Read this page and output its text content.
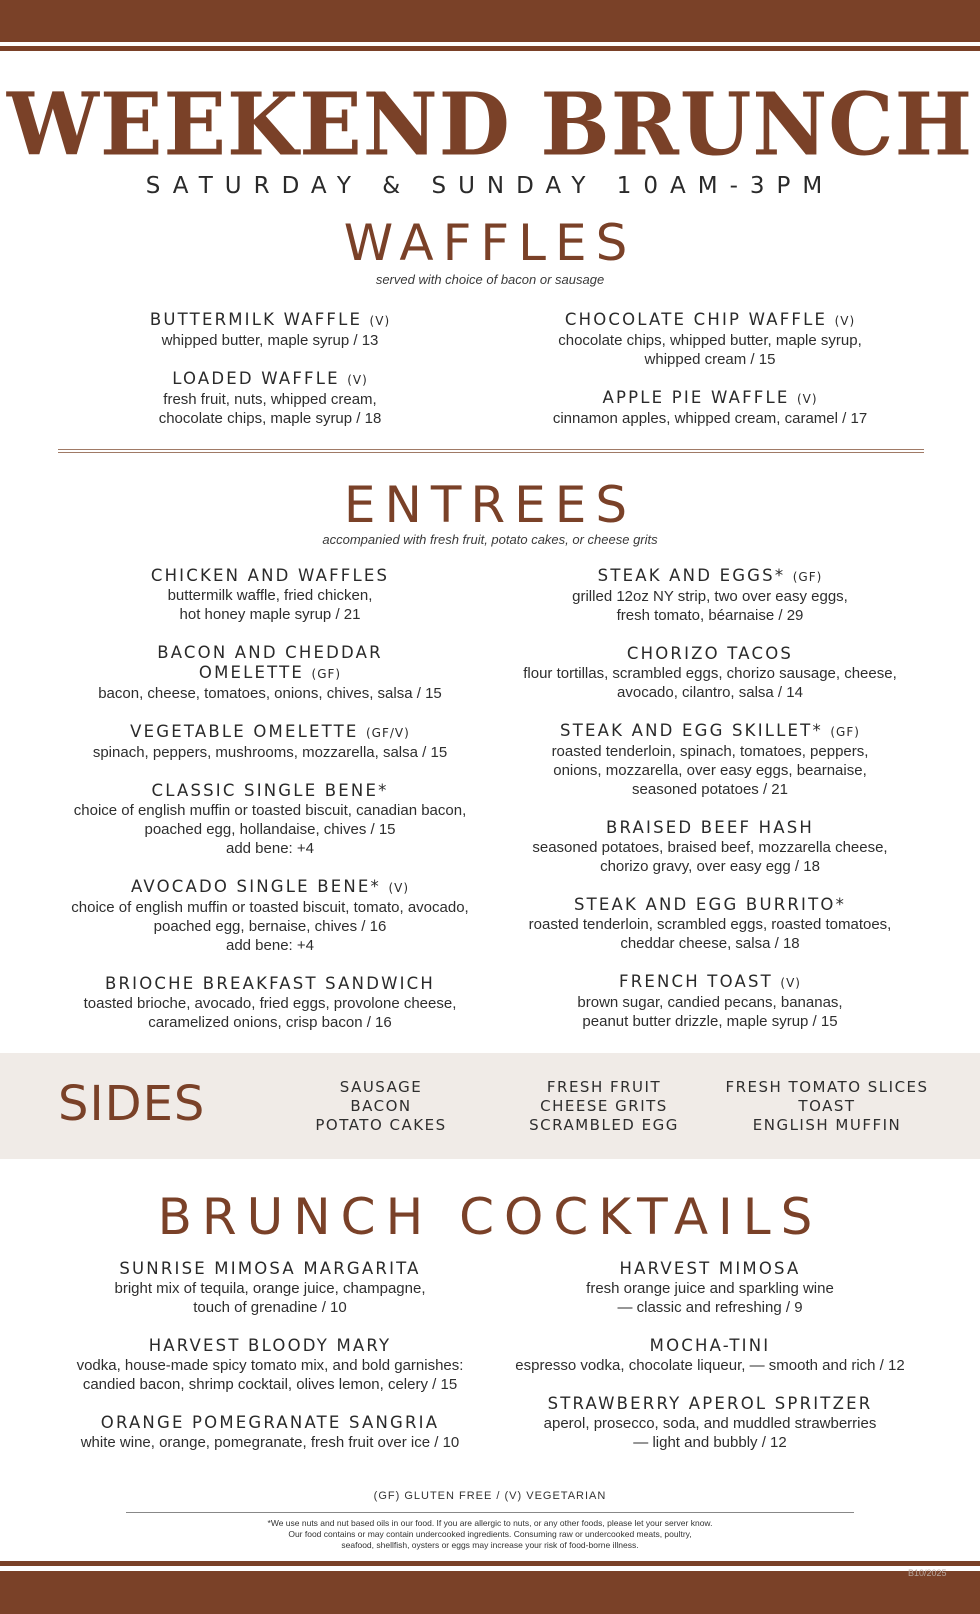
WEEKEND BRUNCH
SATURDAY & SUNDAY 10AM-3PM
WAFFLES
served with choice of bacon or sausage
BUTTERMILK WAFFLE (V)
whipped butter, maple syrup / 13
LOADED WAFFLE (V)
fresh fruit, nuts, whipped cream,
chocolate chips, maple syrup / 18
CHOCOLATE CHIP WAFFLE (V)
chocolate chips, whipped butter, maple syrup,
whipped cream / 15
APPLE PIE WAFFLE (V)
cinnamon apples, whipped cream, caramel / 17
ENTREES
accompanied with fresh fruit, potato cakes, or cheese grits
CHICKEN AND WAFFLES
buttermilk waffle, fried chicken,
hot honey maple syrup / 21
BACON AND CHEDDAR
OMELETTE (GF)
bacon, cheese, tomatoes, onions, chives, salsa / 15
VEGETABLE OMELETTE (GF/V)
spinach, peppers, mushrooms, mozzarella, salsa / 15
CLASSIC SINGLE BENE*
choice of english muffin or toasted biscuit, canadian bacon,
poached egg, hollandaise, chives / 15
add bene: +4
AVOCADO SINGLE BENE* (V)
choice of english muffin or toasted biscuit, tomato, avocado,
poached egg, bernaise, chives / 16
add bene: +4
BRIOCHE BREAKFAST SANDWICH
toasted brioche, avocado, fried eggs, provolone cheese,
caramelized onions, crisp bacon / 16
STEAK AND EGGS* (GF)
grilled 12oz NY strip, two over easy eggs,
fresh tomato, béarnaise / 29
CHORIZO TACOS
flour tortillas, scrambled eggs, chorizo sausage, cheese,
avocado, cilantro, salsa / 14
STEAK AND EGG SKILLET* (GF)
roasted tenderloin, spinach, tomatoes, peppers,
onions, mozzarella, over easy eggs, bearnaise,
seasoned potatoes / 21
BRAISED BEEF HASH
seasoned potatoes, braised beef, mozzarella cheese,
chorizo gravy, over easy egg / 18
STEAK AND EGG BURRITO*
roasted tenderloin, scrambled eggs, roasted tomatoes,
cheddar cheese, salsa / 18
FRENCH TOAST (V)
brown sugar, candied pecans, bananas,
peanut butter drizzle, maple syrup / 15
SIDES	SAUSAGE
BACON
POTATO CAKES
FRESH FRUIT
CHEESE GRITS
SCRAMBLED EGG
FRESH TOMATO SLICES
TOAST
ENGLISH MUFFIN
BRUNCH COCKTAILS
SUNRISE MIMOSA MARGARITA
bright mix of tequila, orange juice, champagne,
touch of grenadine / 10
HARVEST BLOODY MARY
vodka, house-made spicy tomato mix, and bold garnishes:
candied bacon, shrimp cocktail, olives lemon, celery / 15
ORANGE POMEGRANATE SANGRIA
white wine, orange, pomegranate, fresh fruit over ice / 10
HARVEST MIMOSA
fresh orange juice and sparkling wine
— classic and refreshing / 9
MOCHA-TINI
espresso vodka, chocolate liqueur, — smooth and rich / 12
STRAWBERRY APEROL SPRITZER
aperol, prosecco, soda, and muddled strawberries
— light and bubbly / 12
(GF) GLUTEN FREE / (V) VEGETARIAN
*We use nuts and nut based oils in our food. If you are allergic to nuts, or any other foods, please let your server know.
Our food contains or may contain undercooked ingredients. Consuming raw or undercooked meats, poultry,
seafood, shellfish, oysters or eggs may increase your risk of food-borne illness.
B10/2025
